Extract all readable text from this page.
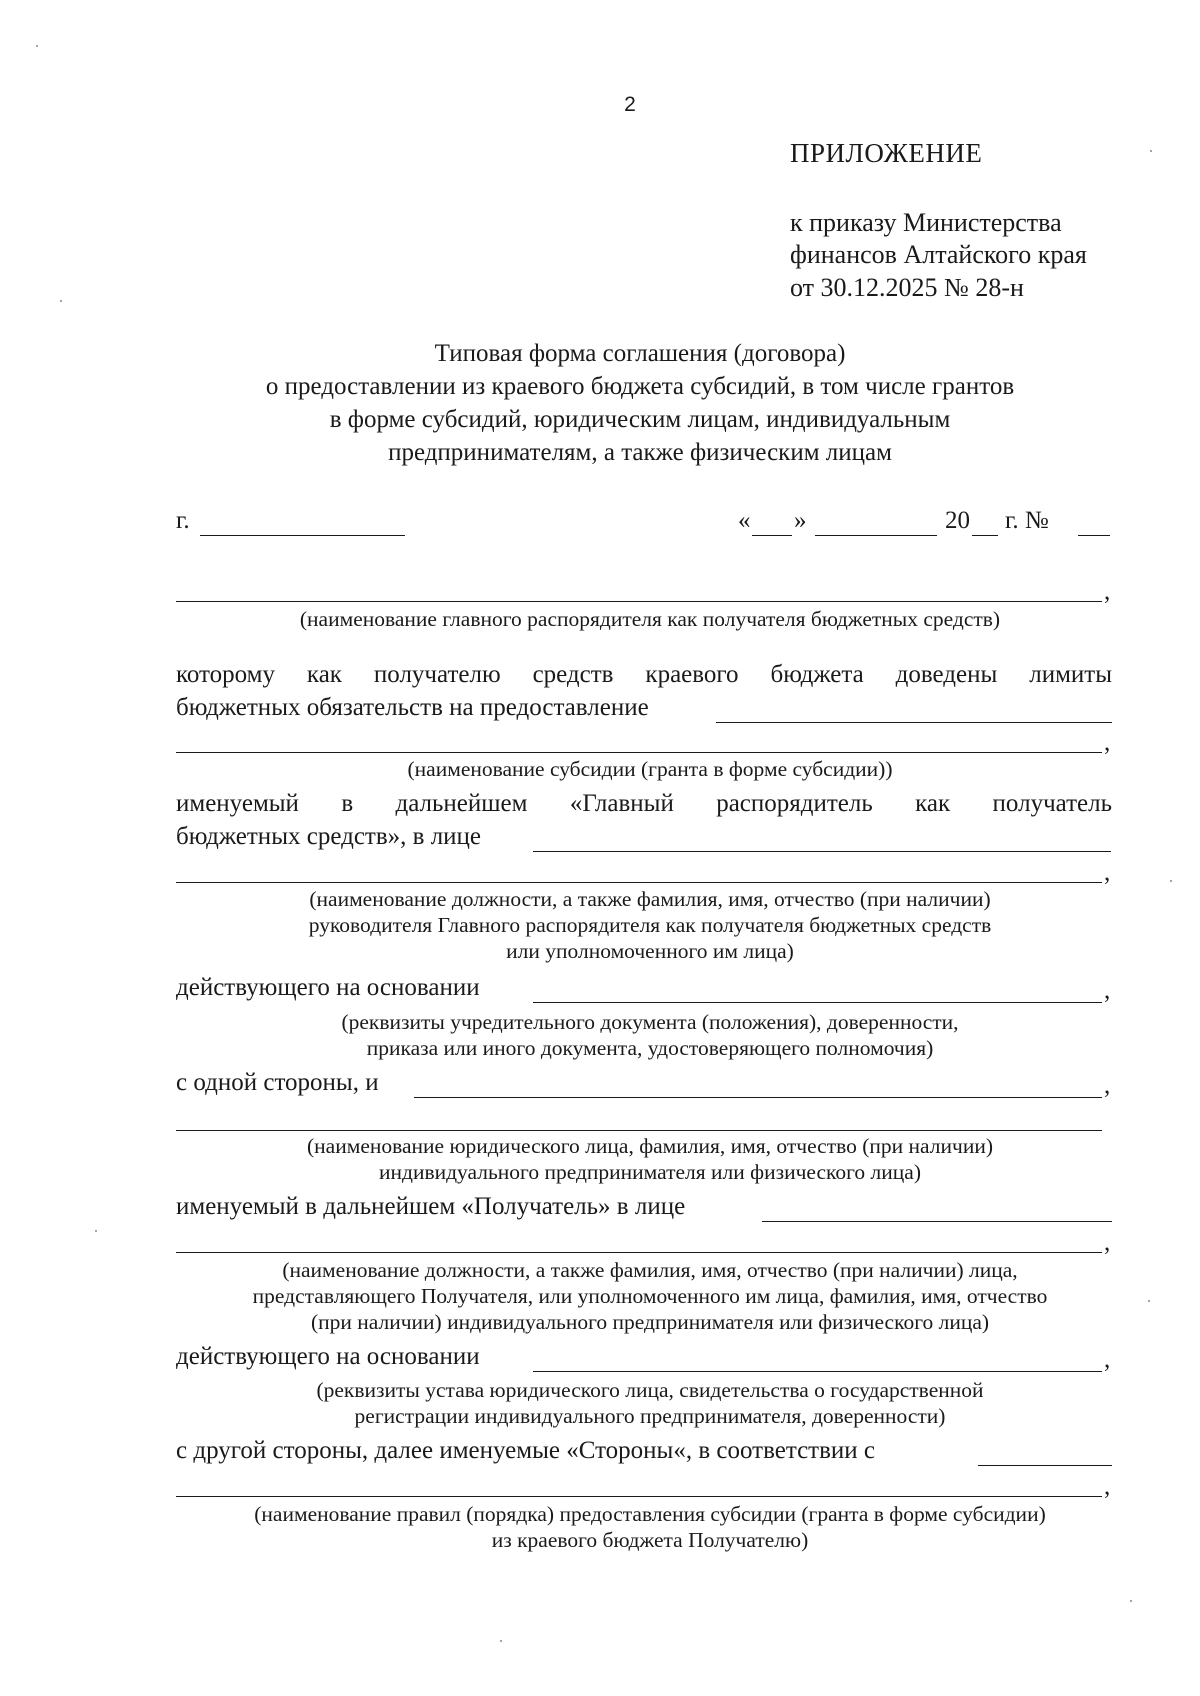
2
ПРИЛОЖЕНИЕ
к приказу Министерства
финансов Алтайского края
от 30.12.2025 № 28-н
Типовая форма соглашения (договора)
о предоставлении из краевого бюджета субсидий, в том числе грантов
в форме субсидий, юридическим лицам, индивидуальным
предпринимателям, а также физическим лицам
г.	« »	20 г. №
,
(наименование главного распорядителя как получателя бюджетных средств)
которому как получателю средств краевого бюджета доведены лимиты
бюджетных обязательств на предоставление
,
(наименование субсидии (гранта в форме субсидии))
именуемый в дальнейшем «Главный распорядитель как получатель
бюджетных средств», в лице
,
(наименование должности, а также фамилия, имя, отчество (при наличии)
руководителя Главного распорядителя как получателя бюджетных средств
или уполномоченного им лица)
действующего на основании	,
(реквизиты учредительного документа (положения), доверенности,
приказа или иного документа, удостоверяющего полномочия)
с одной стороны, и	,
(наименование юридического лица, фамилия, имя, отчество (при наличии)
индивидуального предпринимателя или физического лица)
именуемый в дальнейшем «Получатель» в лице
,
(наименование должности, а также фамилия, имя, отчество (при наличии) лица,
представляющего Получателя, или уполномоченного им лица, фамилия, имя, отчество
(при наличии) индивидуального предпринимателя или физического лица)
действующего на основании	,
(реквизиты устава юридического лица, свидетельства о государственной
регистрации индивидуального предпринимателя, доверенности)
с другой стороны, далее именуемые «Стороны«, в соответствии с
,
(наименование правил (порядка) предоставления субсидии (гранта в форме субсидии)
из краевого бюджета Получателю)
